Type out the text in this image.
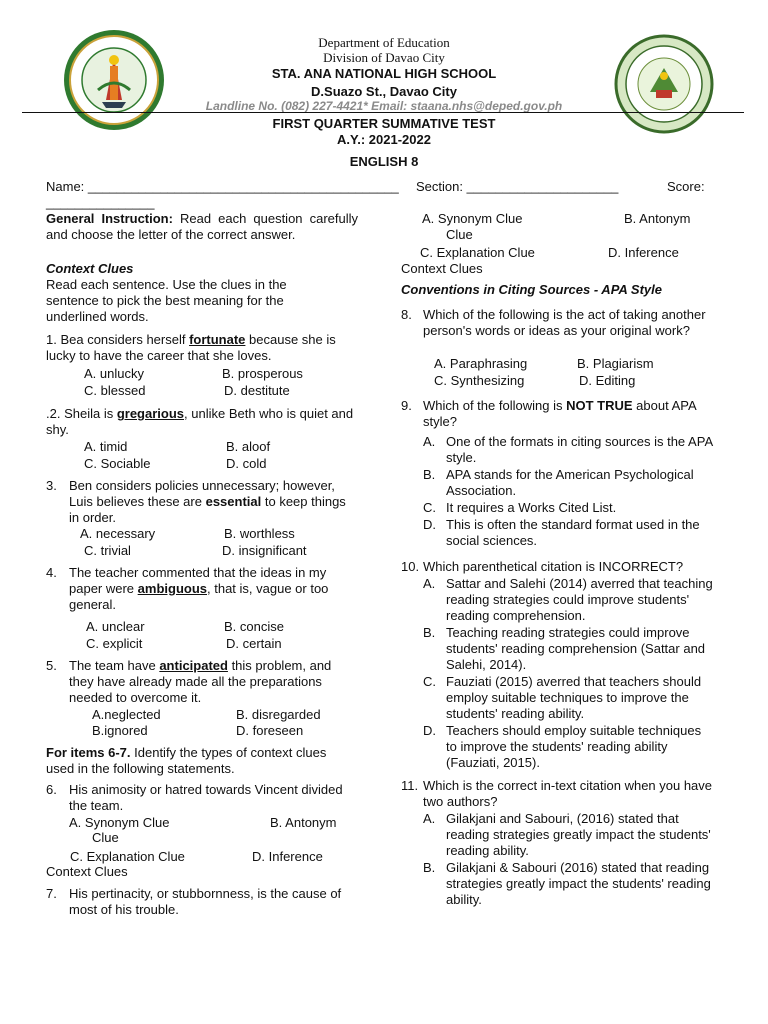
Department of Education
Division of Davao City
STA. ANA NATIONAL HIGH SCHOOL
D.Suazo St., Davao City
Landline No. (082) 227-4421* Email: staana.nhs@deped.gov.ph
FIRST QUARTER SUMMATIVE TEST
A.Y.: 2021-2022
ENGLISH 8
Name: ___________________________________________ Section: _____________________	Score:
_______________
General Instruction: Read each question carefully and choose the letter of the correct answer.
Context Clues
Read each sentence. Use the clues in the sentence to pick the best meaning for the underlined words.
1. Bea considers herself fortunate because she is lucky to have the career that she loves.
A. unlucky	B. prosperous
C. blessed	D. destitute
.2. Sheila is gregarious, unlike Beth who is quiet and shy.
A. timid	B. aloof
C. Sociable	D. cold
3. Ben considers policies unnecessary; however, Luis believes these are essential to keep things in order.
A. necessary	B. worthless
C. trivial	D. insignificant
4. The teacher commented that the ideas in my paper were ambiguous, that is, vague or too general.
A. unclear	B. concise
C. explicit	D. certain
5. The team have anticipated this problem, and they have already made all the preparations needed to overcome it.
A.neglected	B. disregarded
B.ignored	D. foreseen
For items 6-7. Identify the types of context clues used in the following statements.
6. His animosity or hatred towards Vincent divided the team.
A. Synonym Clue	B. Antonym
Clue
C. Explanation Clue	D. Inference
Context Clues
7. His pertinacity, or stubbornness, is the cause of most of his trouble.
A. Synonym Clue	B. Antonym
Clue
C. Explanation Clue	D. Inference
Context Clues
Conventions in Citing Sources - APA Style
8. Which of the following is the act of taking another person's words or ideas as your original work?
A. Paraphrasing	B. Plagiarism
C. Synthesizing	D. Editing
9. Which of the following is NOT TRUE about APA style?
A. One of the formats in citing sources is the APA style.
B. APA stands for the American Psychological Association.
C. It requires a Works Cited List.
D. This is often the standard format used in the social sciences.
10. Which parenthetical citation is INCORRECT?
A. Sattar and Salehi (2014) averred that teaching reading strategies could improve students' reading comprehension.
B. Teaching reading strategies could improve students' reading comprehension (Sattar and Salehi, 2014).
C. Fauziati (2015) averred that teachers should employ suitable techniques to improve the students' reading ability.
D. Teachers should employ suitable techniques to improve the students' reading ability (Fauziati, 2015).
11. Which is the correct in-text citation when you have two authors?
A. Gilakjani and Sabouri, (2016) stated that reading strategies greatly impact the students' reading ability.
B. Gilakjani & Sabouri (2016) stated that reading strategies greatly impact the students' reading ability.
